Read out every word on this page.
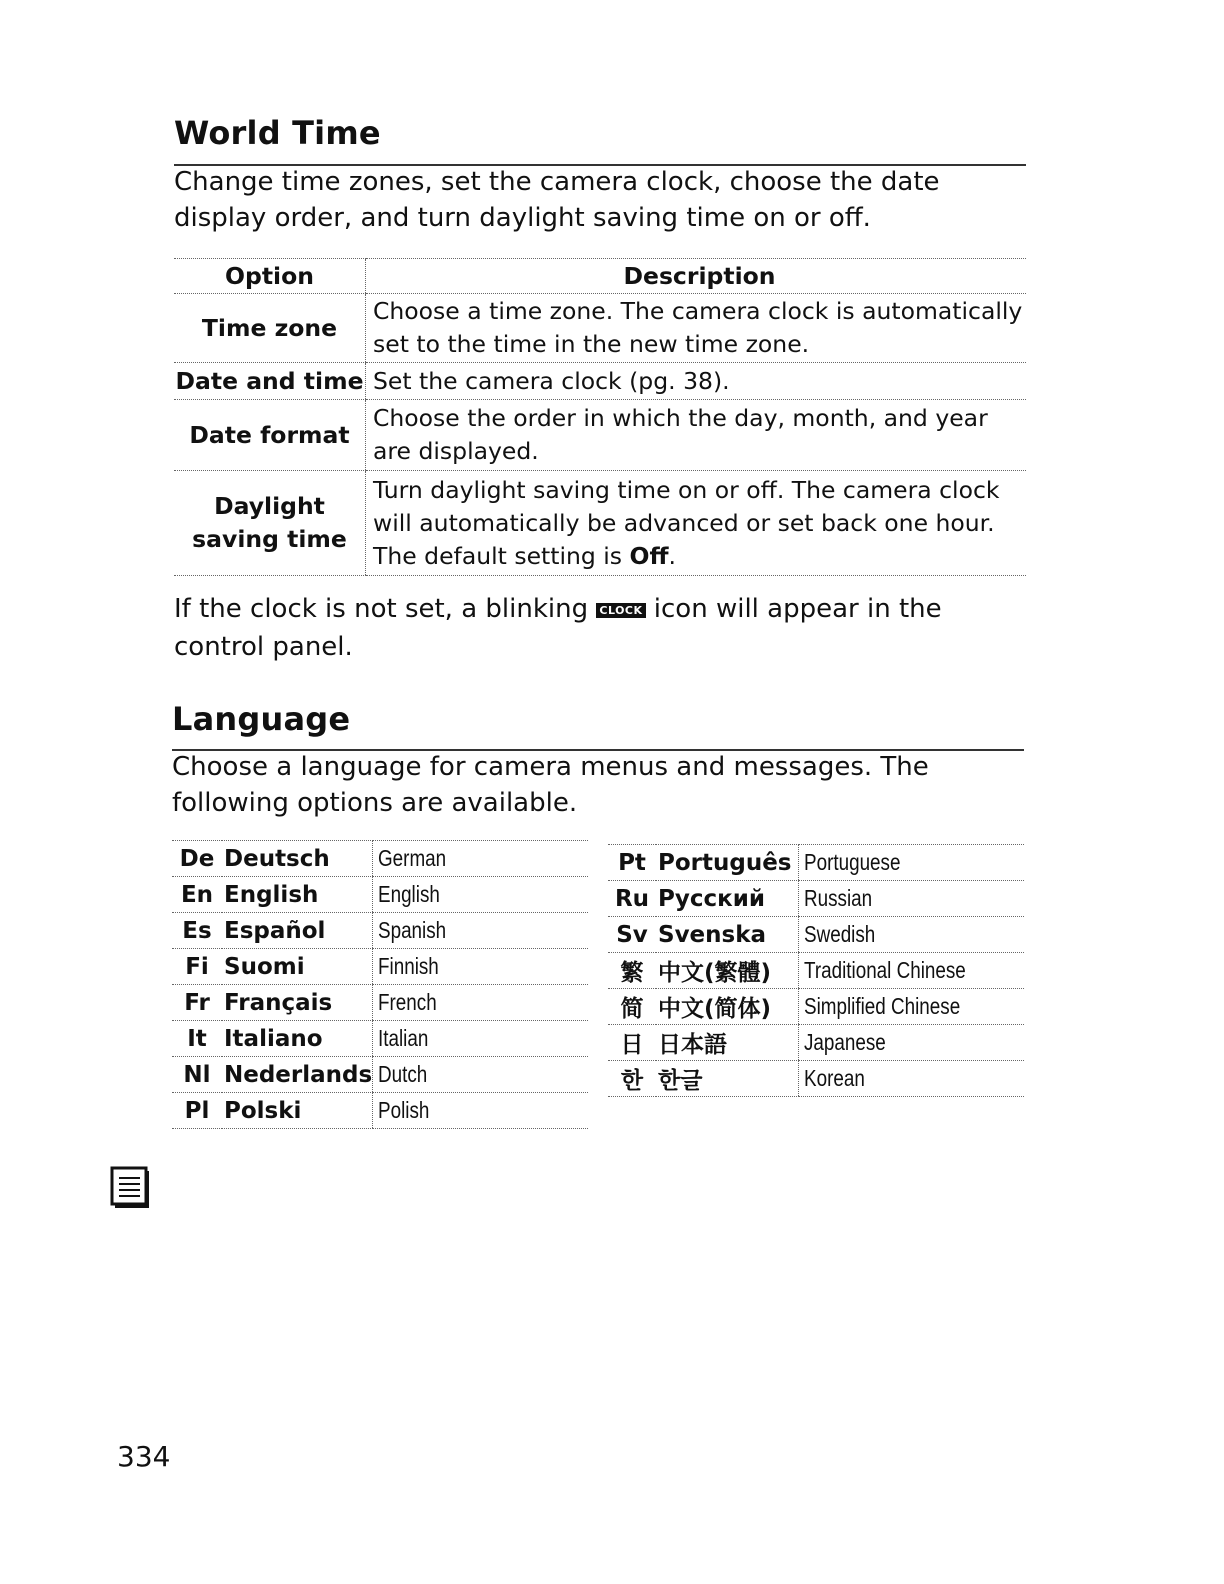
World Time

Change time zones, set the camera clock, choose the date display order, and turn daylight saving time on or off.

Option	Description
Time zone	Choose a time zone. The camera clock is automatically set to the time in the new time zone.
Date and time	Set the camera clock (pg. 38).
Date format	Choose the order in which the day, month, and year are displayed.
Daylight saving time	Turn daylight saving time on or off. The camera clock will automatically be advanced or set back one hour. The default setting is Off.

If the clock is not set, a blinking CLOCK icon will appear in the control panel.

Language

Choose a language for camera menus and messages. The following options are available.

De	Deutsch	German
En	English	English
Es	Español	Spanish
Fi	Suomi	Finnish
Fr	Français	French
It	Italiano	Italian
Nl	Nederlands	Dutch
Pl	Polski	Polish
Pt	Português	Portuguese
Ru	Русский	Russian
Sv	Svenska	Swedish
繁	中文(繁體)	Traditional Chinese
简	中文(简体)	Simplified Chinese
日	日本語	Japanese
한	한글	Korean

334
